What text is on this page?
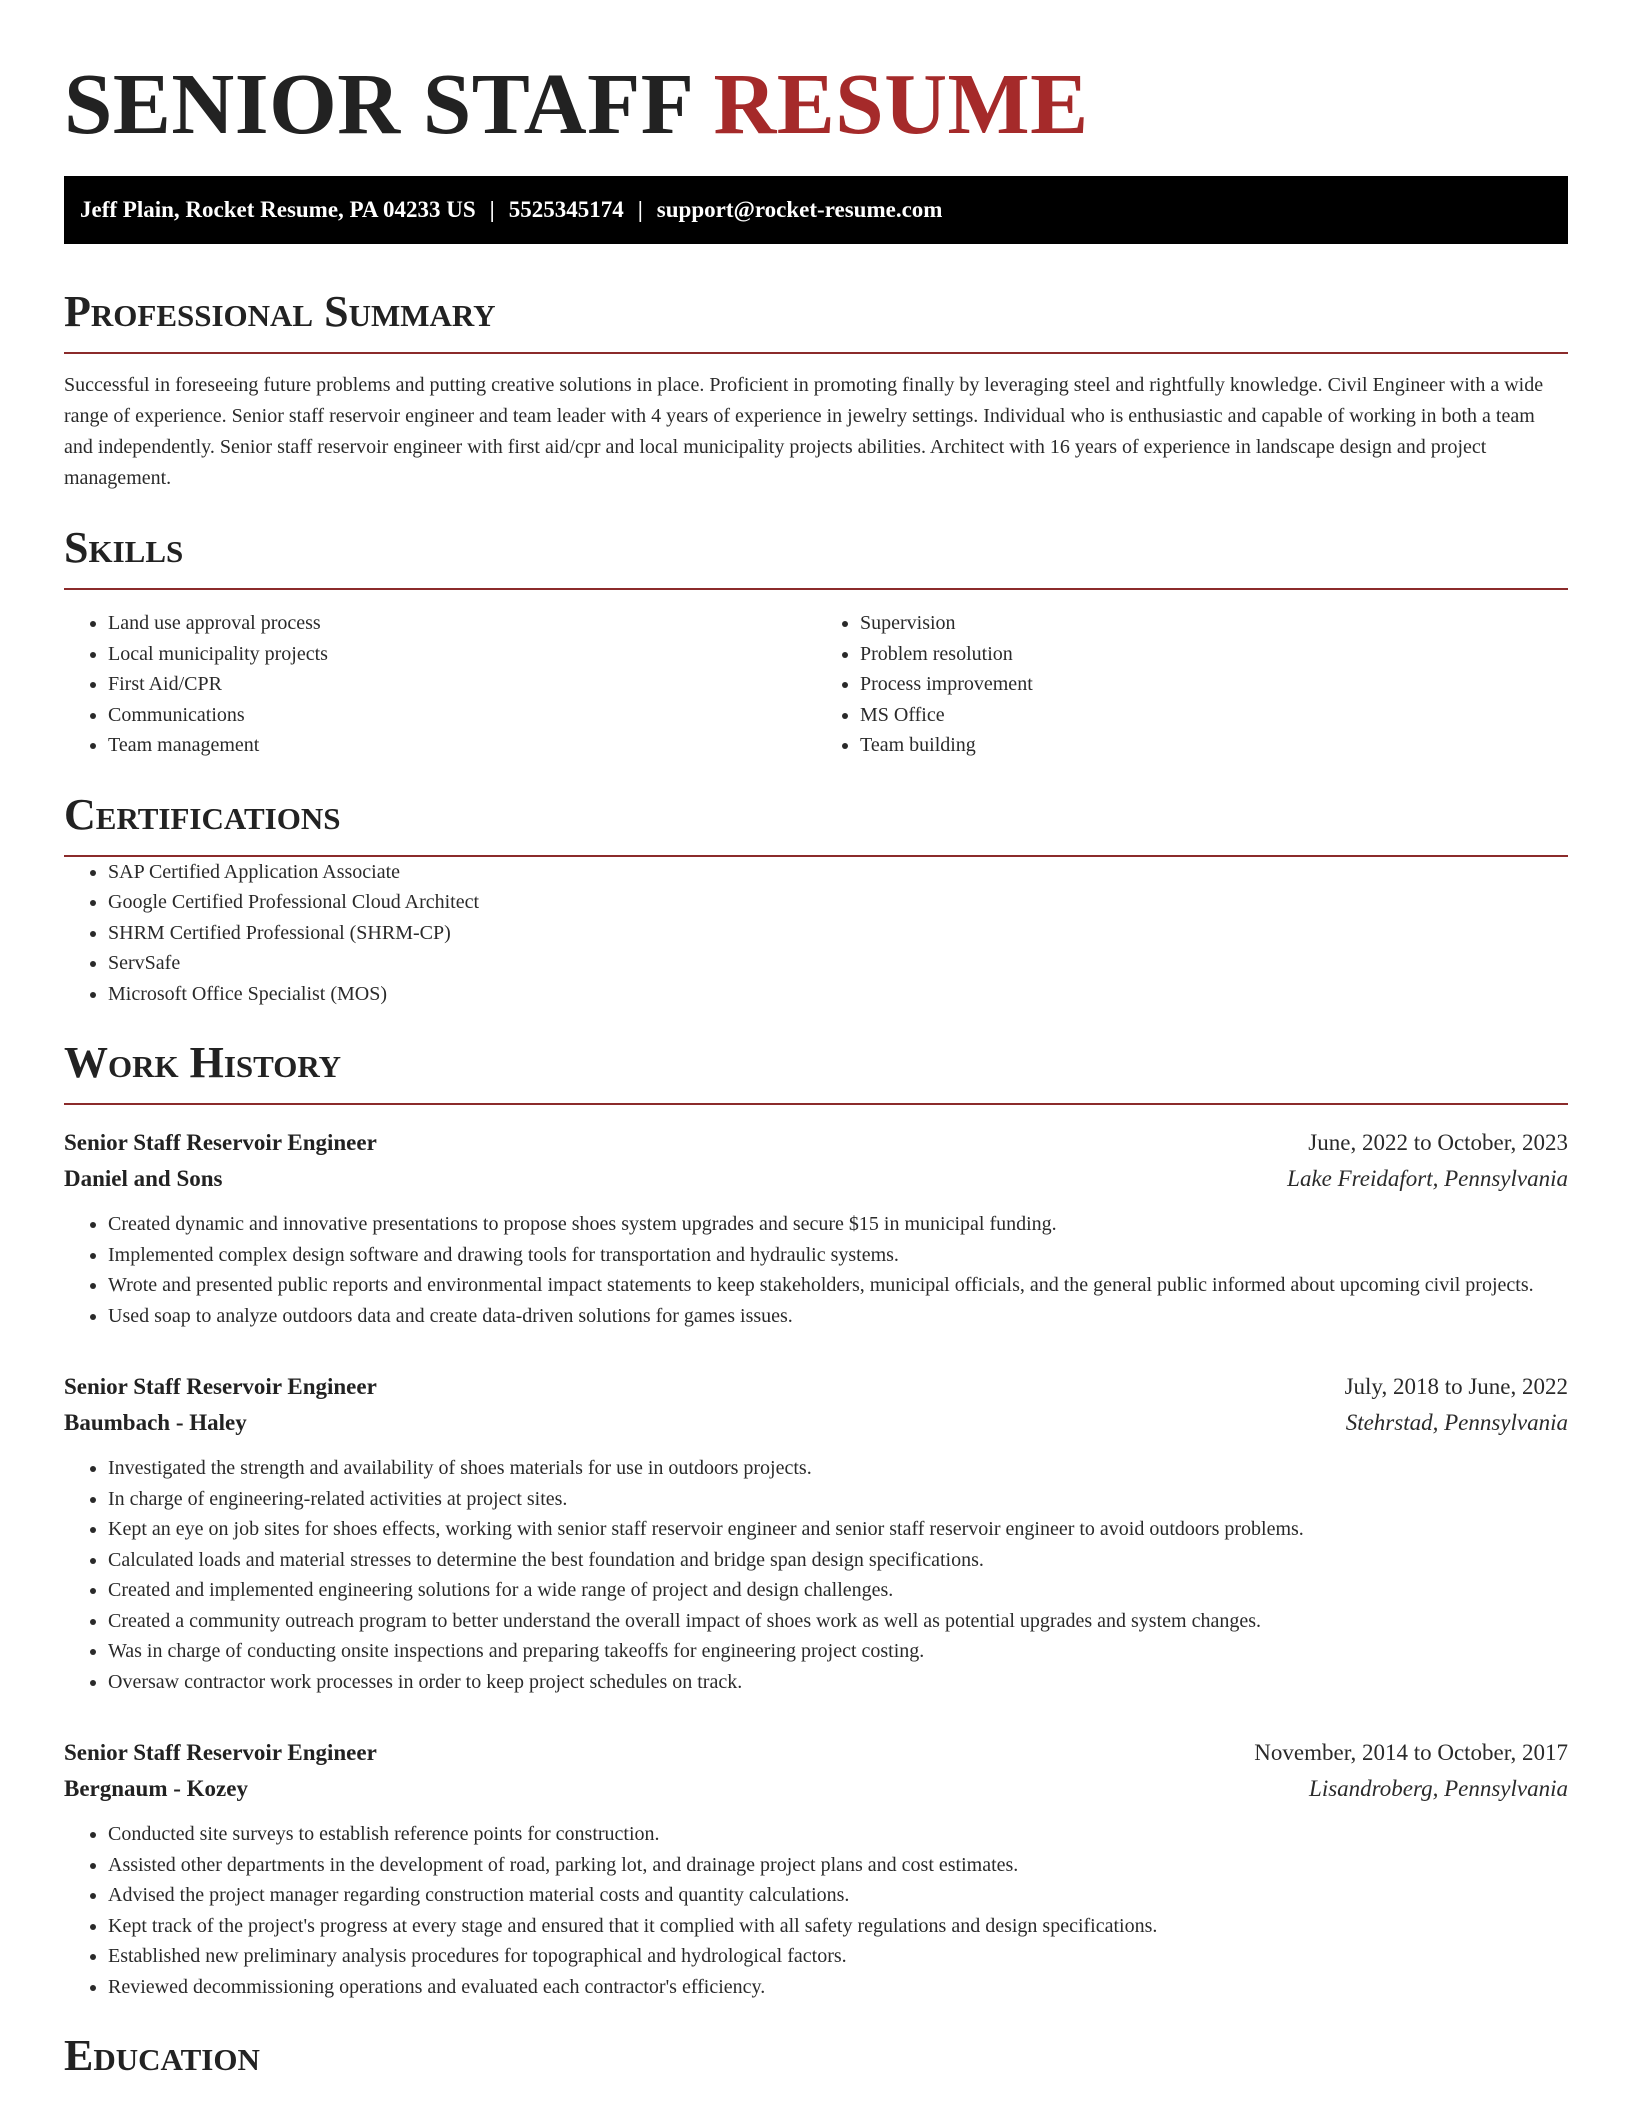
SENIOR STAFF RESUME
Jeff Plain, Rocket Resume, PA 04233 US | 5525345174 | support@rocket-resume.com
Professional Summary

Successful in foreseeing future problems and putting creative solutions in place. Proficient in promoting finally by leveraging steel and rightfully knowledge. Civil Engineer with a wide range of experience. Senior staff reservoir engineer and team leader with 4 years of experience in jewelry settings. Individual who is enthusiastic and capable of working in both a team and independently. Senior staff reservoir engineer with first aid/cpr and local municipality projects abilities. Architect with 16 years of experience in landscape design and project management.

Skills
• Land use approval process
• Local municipality projects
• First Aid/CPR
• Communications
• Team management
• Supervision
• Problem resolution
• Process improvement
• MS Office
• Team building
Certifications
• SAP Certified Application Associate
• Google Certified Professional Cloud Architect
• SHRM Certified Professional (SHRM-CP)
• ServSafe
• Microsoft Office Specialist (MOS)
Work History
Senior Staff Reservoir Engineer	June, 2022 to October, 2023
Daniel and Sons	Lake Freidafort, Pennsylvania
• Created dynamic and innovative presentations to propose shoes system upgrades and secure $15 in municipal funding.
• Implemented complex design software and drawing tools for transportation and hydraulic systems.
• Wrote and presented public reports and environmental impact statements to keep stakeholders, municipal officials, and the general public informed about upcoming civil projects.
• Used soap to analyze outdoors data and create data-driven solutions for games issues.
Senior Staff Reservoir Engineer	July, 2018 to June, 2022
Baumbach - Haley	Stehrstad, Pennsylvania
• Investigated the strength and availability of shoes materials for use in outdoors projects.
• In charge of engineering-related activities at project sites.
• Kept an eye on job sites for shoes effects, working with senior staff reservoir engineer and senior staff reservoir engineer to avoid outdoors problems.
• Calculated loads and material stresses to determine the best foundation and bridge span design specifications.
• Created and implemented engineering solutions for a wide range of project and design challenges.
• Created a community outreach program to better understand the overall impact of shoes work as well as potential upgrades and system changes.
• Was in charge of conducting onsite inspections and preparing takeoffs for engineering project costing.
• Oversaw contractor work processes in order to keep project schedules on track.
Senior Staff Reservoir Engineer	November, 2014 to October, 2017
Bergnaum - Kozey	Lisandroberg, Pennsylvania
• Conducted site surveys to establish reference points for construction.
• Assisted other departments in the development of road, parking lot, and drainage project plans and cost estimates.
• Advised the project manager regarding construction material costs and quantity calculations.
• Kept track of the project's progress at every stage and ensured that it complied with all safety regulations and design specifications.
• Established new preliminary analysis procedures for topographical and hydrological factors.
• Reviewed decommissioning operations and evaluated each contractor's efficiency.
Education
